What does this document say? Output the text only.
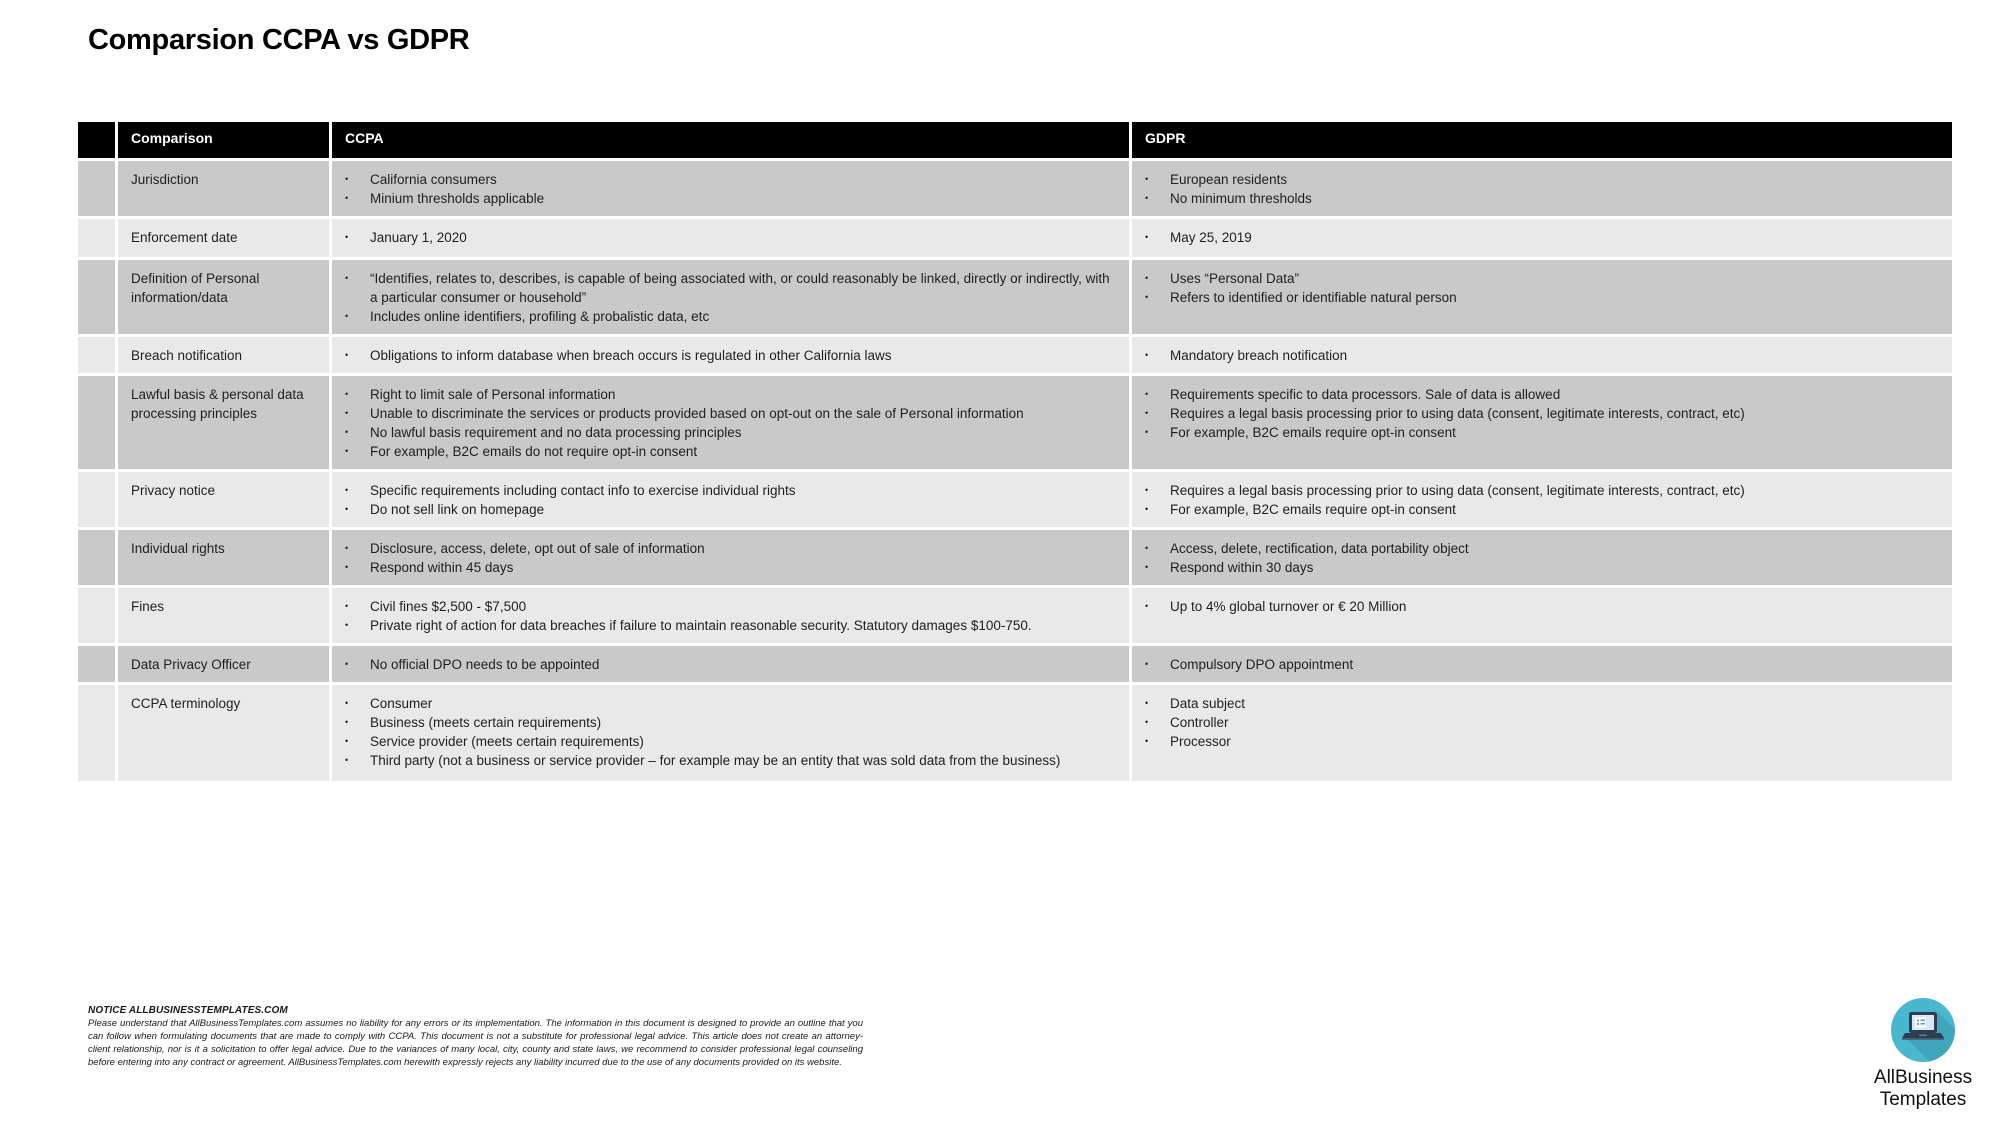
Comparsion CCPA vs GDPR
	Comparison	CCPA	GDPR
	Jurisdiction	•	California consumers
•	Minium thresholds applicable

•	European residents
•	No minimum thresholds

	Enforcement date	• January 1, 2020	• May 25, 2019

	Definition of Personal information/data	
•	“Identifies, relates to, describes, is capable of being associated with, or could reasonably be linked, directly or indirectly, with a particular consumer or household”
•	Includes online identifiers, profiling & probalistic data, etc

•	Uses “Personal Data”
•	Refers to identified or identifiable natural person

	Breach notification	• Obligations to inform database when breach occurs is regulated in other California laws	• Mandatory breach notification

	Lawful basis & personal data processing principles	
•	Right to limit sale of Personal information
•	Unable to discriminate the services or products provided based on opt-out on the sale of Personal information
•	No lawful basis requirement and no data processing principles
•	For example, B2C emails do not require opt-in consent

•	Requirements specific to data processors. Sale of data is allowed
•	Requires a legal basis processing prior to using data (consent, legitimate interests, contract, etc)
•	For example, B2C emails require opt-in consent

	Privacy notice	•	Specific requirements including contact info to exercise individual rights
•	Do not sell link on homepage

•	Requires a legal basis processing prior to using data (consent, legitimate interests, contract, etc)
•	For example, B2C emails require opt-in consent

	Individual rights	•	Disclosure, access, delete, opt out of sale of information
•	Respond within 45 days

•	Access, delete, rectification, data portability object
•	Respond within 30 days

	Fines	•	Civil fines $2,500 - $7,500
•	Private right of action for data breaches if failure to maintain reasonable security. Statutory damages $100-750.

•	Up to 4% global turnover or € 20 Million

	Data Privacy Officer	• No official DPO needs to be appointed	• Compulsory DPO appointment

	CCPA terminology	•	Consumer
•	Business (meets certain requirements)
•	Service provider (meets certain requirements)
•	Third party (not a business or service provider – for example may be an entity that was sold data from the business)

•	Data subject
•	Controller
•	Processor
NOTICE ALLBUSINESSTEMPLATES.COM
Please understand that AllBusinessTemplates.com assumes no liability for any errors or its implementation. The information in this document is designed to provide an outline that you can follow when formulating documents that are made to comply with CCPA. This document is not a substitute for professional legal advice. This article does not create an attorney-client relationship, nor is it a solicitation to offer legal advice. Due to the variances of many local, city, county and state laws, we recommend to consider professional legal counseling before entering into any contract or agreement. AllBusinessTemplates.com herewith expressly rejects any liability incurred due to the use of any documents provided on its website.
AllBusiness
Templates
